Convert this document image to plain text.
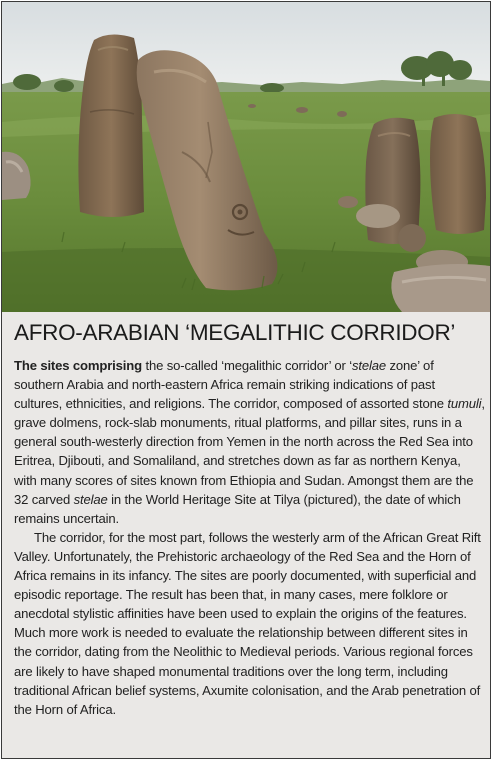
AFRO-ARABIAN ‘MEGALITHIC CORRIDOR’

The sites comprising the so-called ‘megalithic corridor’ or ‘stelae zone’ of southern Arabia and north-eastern Africa remain striking indications of past cultures, ethnicities, and religions. The corridor, composed of assorted stone tumuli, grave dolmens, rock-slab monuments, ritual platforms, and pillar sites, runs in a general south-westerly direction from Yemen in the north across the Red Sea into Eritrea, Djibouti, and Somaliland, and stretches down as far as northern Kenya, with many scores of sites known from Ethiopia and Sudan. Amongst them are the 32 carved stelae in the World Heritage Site at Tilya (pictured), the date of which remains uncertain.

The corridor, for the most part, follows the westerly arm of the African Great Rift Valley. Unfortunately, the Prehistoric archaeology of the Red Sea and the Horn of Africa remains in its infancy. The sites are poorly documented, with superficial and episodic reportage. The result has been that, in many cases, mere folklore or anecdotal stylistic affinities have been used to explain the origins of the features. Much more work is needed to evaluate the relationship between different sites in the corridor, dating from the Neolithic to Medieval periods. Various regional forces are likely to have shaped monumental traditions over the long term, including traditional African belief systems, Axumite colonisation, and the Arab penetration of the Horn of Africa.
